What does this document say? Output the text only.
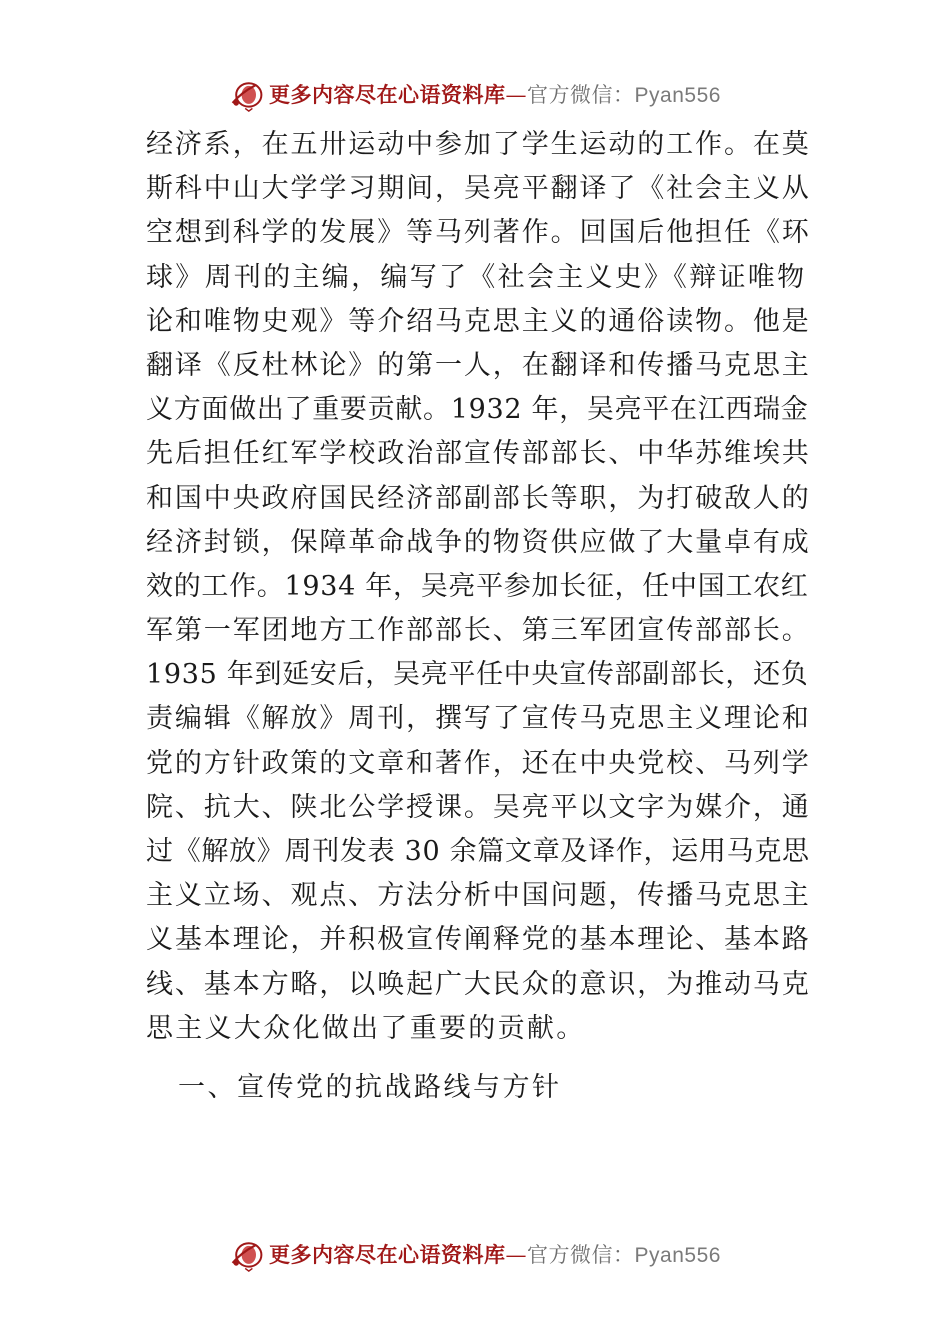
更多内容尽在心语资料库—官方微信：Pyan556
经济系，在五卅运动中参加了学生运动的工作。在莫
斯科中山大学学习期间，吴亮平翻译了《社会主义从
空想到科学的发展》等马列著作。回国后他担任《环
球》周刊的主编，编写了《社会主义史》《辩证唯物
论和唯物史观》等介绍马克思主义的通俗读物。他是
翻译《反杜林论》的第一人，在翻译和传播马克思主
义方面做出了重要贡献。1932 年，吴亮平在江西瑞金
先后担任红军学校政治部宣传部部长、中华苏维埃共
和国中央政府国民经济部副部长等职，为打破敌人的
经济封锁，保障革命战争的物资供应做了大量卓有成
效的工作。1934 年，吴亮平参加长征，任中国工农红
军第一军团地方工作部部长、第三军团宣传部部长。
1935 年到延安后，吴亮平任中央宣传部副部长，还负
责编辑《解放》周刊，撰写了宣传马克思主义理论和
党的方针政策的文章和著作，还在中央党校、马列学
院、抗大、陕北公学授课。吴亮平以文字为媒介，通
过《解放》周刊发表 30 余篇文章及译作，运用马克思
主义立场、观点、方法分析中国问题，传播马克思主
义基本理论，并积极宣传阐释党的基本理论、基本路
线、基本方略，以唤起广大民众的意识，为推动马克
思主义大众化做出了重要的贡献。
一、宣传党的抗战路线与方针
更多内容尽在心语资料库—官方微信：Pyan556
